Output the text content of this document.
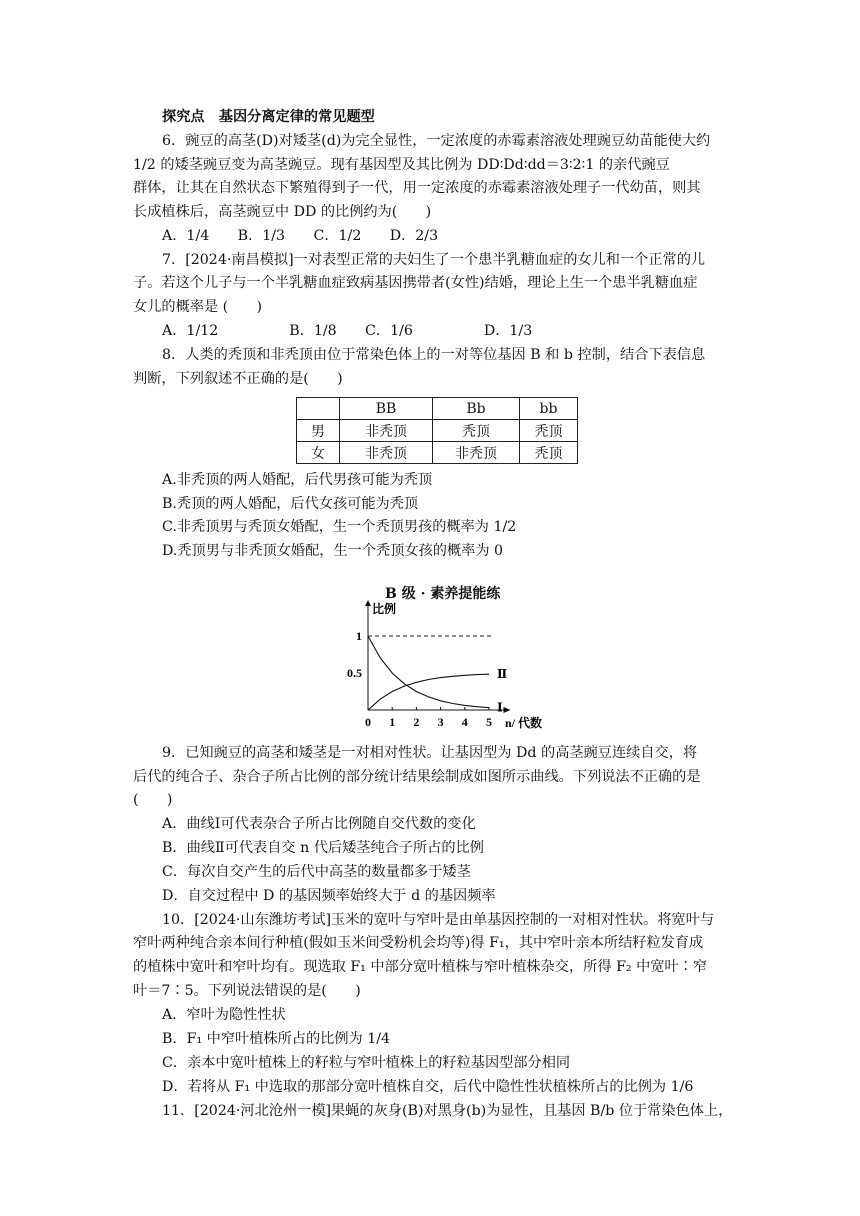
探究点　基因分离定律的常见题型
6．豌豆的高茎(D)对矮茎(d)为完全显性，一定浓度的赤霉素溶液处理豌豆幼苗能使大约
1/2 的矮茎豌豆变为高茎豌豆。现有基因型及其比例为 DD∶Dd∶dd＝3∶2∶1 的亲代豌豆
群体，让其在自然状态下繁殖得到子一代，用一定浓度的赤霉素溶液处理子一代幼苗，则其
长成植株后，高茎豌豆中 DD 的比例约为(　　)
A．1/4　　B．1/3　　C．1/2　　D．2/3
7．[2024·南昌模拟]一对表型正常的夫妇生了一个患半乳糖血症的女儿和一个正常的儿
子。若这个儿子与一个半乳糖血症致病基因携带者(女性)结婚，理论上生一个患半乳糖血症
女儿的概率是 (　　)
A．1/12　　　　　B．1/8　　C．1/6　　　　　D．1/3
8．人类的秃顶和非秃顶由位于常染色体上的一对等位基因 B 和 b 控制，结合下表信息
判断，下列叙述不正确的是(　　)
	BB	Bb	bb
男	非秃顶	秃顶	秃顶
女	非秃顶	非秃顶	秃顶
A.非秃顶的两人婚配，后代男孩可能为秃顶
B.秃顶的两人婚配，后代女孩可能为秃顶
C.非秃顶男与秃顶女婚配，生一个秃顶男孩的概率为 1/2
D.秃顶男与非秃顶女婚配，生一个秃顶女孩的概率为 0
B 级 · 素养提能练
比例
n/ 代数
0 1 2 3 4 5
0.5
1
Ⅰ
Ⅱ
9．已知豌豆的高茎和矮茎是一对相对性状。让基因型为 Dd 的高茎豌豆连续自交，将
后代的纯合子、杂合子所占比例的部分统计结果绘制成如图所示曲线。下列说法不正确的是
(　　)
A．曲线Ⅰ可代表杂合子所占比例随自交代数的变化
B．曲线Ⅱ可代表自交 n 代后矮茎纯合子所占的比例
C．每次自交产生的后代中高茎的数量都多于矮茎
D．自交过程中 D 的基因频率始终大于 d 的基因频率
10．[2024·山东潍坊考试]玉米的宽叶与窄叶是由单基因控制的一对相对性状。将宽叶与
窄叶两种纯合亲本间行种植(假如玉米间受粉机会均等)得 F₁，其中窄叶亲本所结籽粒发育成
的植株中宽叶和窄叶均有。现选取 F₁ 中部分宽叶植株与窄叶植株杂交，所得 F₂ 中宽叶∶窄
叶＝7∶5。下列说法错误的是(　　)
A．窄叶为隐性性状
B．F₁ 中窄叶植株所占的比例为 1/4
C．亲本中宽叶植株上的籽粒与窄叶植株上的籽粒基因型部分相同
D．若将从 F₁ 中选取的那部分宽叶植株自交，后代中隐性性状植株所占的比例为 1/6
11．[2024·河北沧州一模]果蝇的灰身(B)对黑身(b)为显性，且基因 B/b 位于常染色体上，
